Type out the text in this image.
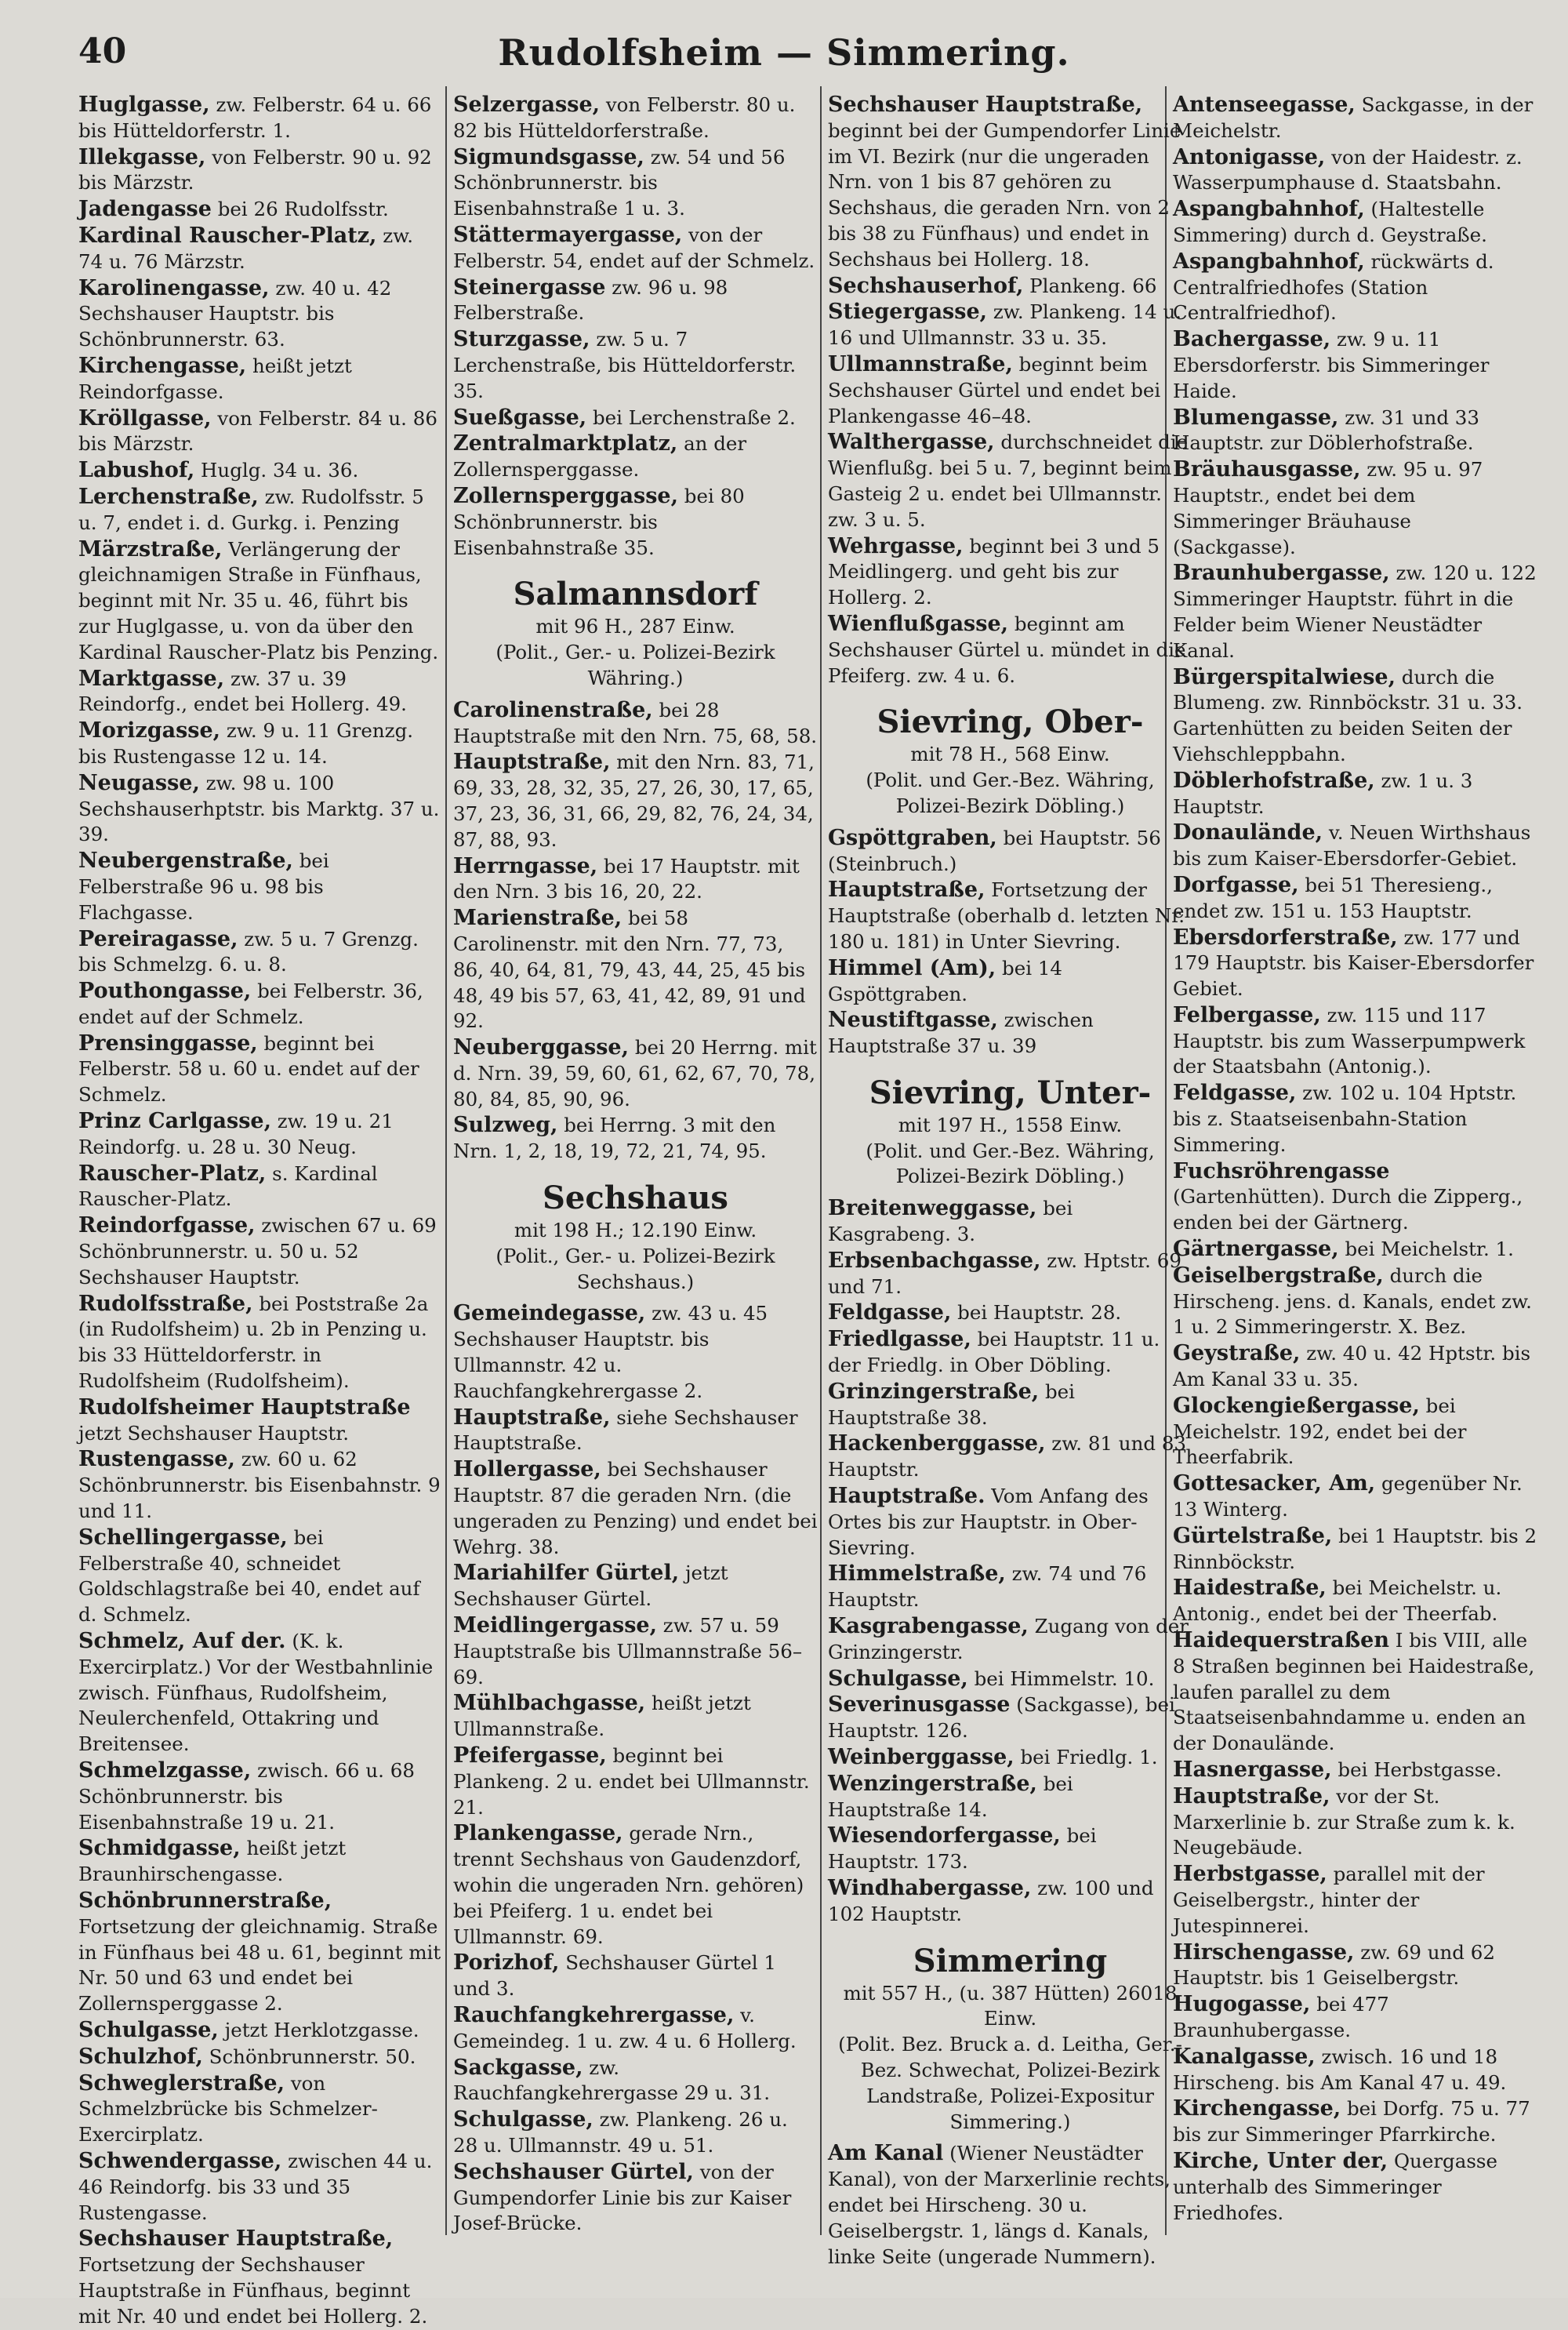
40	Rudolfsheim — Simmering.

Huglgasse, zw. Felberstr. 64 u. 66 bis Hütteldorferstr. 1.

Illekgasse, von Felberstr. 90 u. 92 bis Märzstr.

Jadengasse bei 26 Rudolfsstr.

Kardinal Rauscher-Platz, zw. 74 u. 76 Märzstr.

Karolinengasse, zw. 40 u. 42 Sechshauser Hauptstr. bis Schönbrunnerstr. 63.

Kirchengasse, heißt jetzt Reindorfgasse.

Kröllgasse, von Felberstr. 84 u. 86 bis Märzstr.

Labushof, Huglg. 34 u. 36.

Lerchenstraße, zw. Rudolfsstr. 5 u. 7, endet i. d. Gurkg. i. Penzing

Märzstraße, Verlängerung der gleichnamigen Straße in Fünfhaus, beginnt mit Nr. 35 u. 46, führt bis zur Huglgasse, u. von da über den Kardinal Rauscher-Platz bis Penzing.

Marktgasse, zw. 37 u. 39 Reindorfg., endet bei Hollerg. 49.

Morizgasse, zw. 9 u. 11 Grenzg. bis Rustengasse 12 u. 14.

Neugasse, zw. 98 u. 100 Sechshauserhptstr. bis Marktg. 37 u. 39.

Neubergenstraße, bei Felberstraße 96 u. 98 bis Flachgasse.

Pereiragasse, zw. 5 u. 7 Grenzg. bis Schmelzg. 6. u. 8.

Pouthongasse, bei Felberstr. 36, endet auf der Schmelz.

Prensinggasse, beginnt bei Felberstr. 58 u. 60 u. endet auf der Schmelz.

Prinz Carlgasse, zw. 19 u. 21 Reindorfg. u. 28 u. 30 Neug.

Rauscher-Platz, s. Kardinal Rauscher-Platz.

Reindorfgasse, zwischen 67 u. 69 Schönbrunnerstr. u. 50 u. 52 Sechshauser Hauptstr.

Rudolfsstraße, bei Poststraße 2a (in Rudolfsheim) u. 2b in Penzing u. bis 33 Hütteldorferstr. in Rudolfsheim (Rudolfsheim).

Rudolfsheimer Hauptstraße jetzt Sechshauser Hauptstr.

Rustengasse, zw. 60 u. 62 Schönbrunnerstr. bis Eisenbahnstr. 9 und 11.

Schellingergasse, bei Felberstraße 40, schneidet Goldschlagstraße bei 40, endet auf d. Schmelz.

Schmelz, Auf der. (K. k. Exercirplatz.) Vor der Westbahnlinie zwisch. Fünfhaus, Rudolfsheim, Neulerchenfeld, Ottakring und Breitensee.

Schmelzgasse, zwisch. 66 u. 68 Schönbrunnerstr. bis Eisenbahnstraße 19 u. 21.

Schmidgasse, heißt jetzt Braunhirschengasse.

Schönbrunnerstraße, Fortsetzung der gleichnamig. Straße in Fünfhaus bei 48 u. 61, beginnt mit Nr. 50 und 63 und endet bei Zollernsperggasse 2.

Schulgasse, jetzt Herklotzgasse.

Schulzhof, Schönbrunnerstr. 50.

Schweglerstraße, von Schmelzbrücke bis Schmelzer-Exercirplatz.

Schwendergasse, zwischen 44 u. 46 Reindorfg. bis 33 und 35 Rustengasse.

Sechshauser Hauptstraße, Fortsetzung der Sechshauser Hauptstraße in Fünfhaus, beginnt mit Nr. 40 und endet bei Hollerg. 2.

Selzergasse, von Felberstr. 80 u. 82 bis Hütteldorferstraße.

Sigmundsgasse, zw. 54 und 56 Schönbrunnerstr. bis Eisenbahnstraße 1 u. 3.

Stättermayergasse, von der Felberstr. 54, endet auf der Schmelz.

Steinergasse zw. 96 u. 98 Felberstraße.

Sturzgasse, zw. 5 u. 7 Lerchenstraße, bis Hütteldorferstr. 35.

Sueßgasse, bei Lerchenstraße 2.

Zentralmarktplatz, an der Zollernsperggasse.

Zollernsperggasse, bei 80 Schönbrunnerstr. bis Eisenbahnstraße 35.

Salmannsdorf
mit 96 H., 287 Einw.
(Polit., Ger.- u. Polizei-Bezirk Währing.)

Carolinenstraße, bei 28 Hauptstraße mit den Nrn. 75, 68, 58.

Hauptstraße, mit den Nrn. 83, 71, 69, 33, 28, 32, 35, 27, 26, 30, 17, 65, 37, 23, 36, 31, 66, 29, 82, 76, 24, 34, 87, 88, 93.

Herrngasse, bei 17 Hauptstr. mit den Nrn. 3 bis 16, 20, 22.

Marienstraße, bei 58 Carolinenstr. mit den Nrn. 77, 73, 86, 40, 64, 81, 79, 43, 44, 25, 45 bis 48, 49 bis 57, 63, 41, 42, 89, 91 und 92.

Neuberggasse, bei 20 Herrng. mit d. Nrn. 39, 59, 60, 61, 62, 67, 70, 78, 80, 84, 85, 90, 96.

Sulzweg, bei Herrng. 3 mit den Nrn. 1, 2, 18, 19, 72, 21, 74, 95.

Sechshaus
mit 198 H.; 12.190 Einw.
(Polit., Ger.- u. Polizei-Bezirk Sechshaus.)

Gemeindegasse, zw. 43 u. 45 Sechshauser Hauptstr. bis Ullmannstr. 42 u. Rauchfangkehrergasse 2.

Hauptstraße, siehe Sechshauser Hauptstraße.

Hollergasse, bei Sechshauser Hauptstr. 87 die geraden Nrn. (die ungeraden zu Penzing) und endet bei Wehrg. 38.

Mariahilfer Gürtel, jetzt Sechshauser Gürtel.

Meidlingergasse, zw. 57 u. 59 Hauptstraße bis Ullmannstraße 56–69.

Mühlbachgasse, heißt jetzt Ullmannstraße.

Pfeifergasse, beginnt bei Plankeng. 2 u. endet bei Ullmannstr. 21.

Plankengasse, gerade Nrn., trennt Sechshaus von Gaudenzdorf, wohin die ungeraden Nrn. gehören) bei Pfeiferg. 1 u. endet bei Ullmannstr. 69.

Porizhof, Sechshauser Gürtel 1 und 3.

Rauchfangkehrergasse, v. Gemeindeg. 1 u. zw. 4 u. 6 Hollerg.

Sackgasse, zw. Rauchfangkehrergasse 29 u. 31.

Schulgasse, zw. Plankeng. 26 u. 28 u. Ullmannstr. 49 u. 51.

Sechshauser Gürtel, von der Gumpendorfer Linie bis zur Kaiser Josef-Brücke.

Sechshauser Hauptstraße, beginnt bei der Gumpendorfer Linie im VI. Bezirk (nur die ungeraden Nrn. von 1 bis 87 gehören zu Sechshaus, die geraden Nrn. von 2 bis 38 zu Fünfhaus) und endet in Sechshaus bei Hollerg. 18.

Sechshauserhof, Plankeng. 66

Stiegergasse, zw. Plankeng. 14 u. 16 und Ullmannstr. 33 u. 35.

Ullmannstraße, beginnt beim Sechshauser Gürtel und endet bei Plankengasse 46–48.

Walthergasse, durchschneidet die Wienflußg. bei 5 u. 7, beginnt beim Gasteig 2 u. endet bei Ullmannstr. zw. 3 u. 5.

Wehrgasse, beginnt bei 3 und 5 Meidlingerg. und geht bis zur Hollerg. 2.

Wienflußgasse, beginnt am Sechshauser Gürtel u. mündet in die Pfeiferg. zw. 4 u. 6.

Sievring, Ober-
mit 78 H., 568 Einw.
(Polit. und Ger.-Bez. Währing, Polizei-Bezirk Döbling.)

Gspöttgraben, bei Hauptstr. 56 (Steinbruch.)

Hauptstraße, Fortsetzung der Hauptstraße (oberhalb d. letzten Nr. 180 u. 181) in Unter Sievring.

Himmel (Am), bei 14 Gspöttgraben.

Neustiftgasse, zwischen Hauptstraße 37 u. 39

Sievring, Unter-
mit 197 H., 1558 Einw.
(Polit. und Ger.-Bez. Währing, Polizei-Bezirk Döbling.)

Breitenweggasse, bei Kasgrabeng. 3.

Erbsenbachgasse, zw. Hptstr. 69 und 71.

Feldgasse, bei Hauptstr. 28.

Friedlgasse, bei Hauptstr. 11 u. der Friedlg. in Ober Döbling.

Grinzingerstraße, bei Hauptstraße 38.

Hackenberggasse, zw. 81 und 83 Hauptstr.

Hauptstraße. Vom Anfang des Ortes bis zur Hauptstr. in Ober-Sievring.

Himmelstraße, zw. 74 und 76 Hauptstr.

Kasgrabengasse, Zugang von der Grinzingerstr.

Schulgasse, bei Himmelstr. 10.

Severinusgasse (Sackgasse), bei Hauptstr. 126.

Weinberggasse, bei Friedlg. 1.

Wenzingerstraße, bei Hauptstraße 14.

Wiesendorfergasse, bei Hauptstr. 173.

Windhabergasse, zw. 100 und 102 Hauptstr.

Simmering
mit 557 H., (u. 387 Hütten) 26018 Einw.
(Polit. Bez. Bruck a. d. Leitha, Ger.-Bez. Schwechat, Polizei-Bezirk Landstraße, Polizei-Expositur Simmering.)

Am Kanal (Wiener Neustädter Kanal), von der Marxerlinie rechts, endet bei Hirscheng. 30 u. Geiselbergstr. 1, längs d. Kanals, linke Seite (ungerade Nummern).

Antenseegasse, Sackgasse, in der Meichelstr.

Antonigasse, von der Haidestr. z. Wasserpumphause d. Staatsbahn.

Aspangbahnhof, (Haltestelle Simmering) durch d. Geystraße.

Aspangbahnhof, rückwärts d. Centralfriedhofes (Station Centralfriedhof).

Bachergasse, zw. 9 u. 11 Ebersdorferstr. bis Simmeringer Haide.

Blumengasse, zw. 31 und 33 Hauptstr. zur Döblerhofstraße.

Bräuhausgasse, zw. 95 u. 97 Hauptstr., endet bei dem Simmeringer Bräuhause (Sackgasse).

Braunhubergasse, zw. 120 u. 122 Simmeringer Hauptstr. führt in die Felder beim Wiener Neustädter Kanal.

Bürgerspitalwiese, durch die Blumeng. zw. Rinnböckstr. 31 u. 33. Gartenhütten zu beiden Seiten der Viehschleppbahn.

Döblerhofstraße, zw. 1 u. 3 Hauptstr.

Donaulände, v. Neuen Wirthshaus bis zum Kaiser-Ebersdorfer-Gebiet.

Dorfgasse, bei 51 Theresieng., endet zw. 151 u. 153 Hauptstr.

Ebersdorferstraße, zw. 177 und 179 Hauptstr. bis Kaiser-Ebersdorfer Gebiet.

Felbergasse, zw. 115 und 117 Hauptstr. bis zum Wasserpumpwerk der Staatsbahn (Antonig.).

Feldgasse, zw. 102 u. 104 Hptstr. bis z. Staatseisenbahn-Station Simmering.

Fuchsröhrengasse (Gartenhütten). Durch die Zipperg., enden bei der Gärtnerg.

Gärtnergasse, bei Meichelstr. 1.

Geiselbergstraße, durch die Hirscheng. jens. d. Kanals, endet zw. 1 u. 2 Simmeringerstr. X. Bez.

Geystraße, zw. 40 u. 42 Hptstr. bis Am Kanal 33 u. 35.

Glockengießergasse, bei Meichelstr. 192, endet bei der Theerfabrik.

Gottesacker, Am, gegenüber Nr. 13 Winterg.

Gürtelstraße, bei 1 Hauptstr. bis 2 Rinnböckstr.

Haidestraße, bei Meichelstr. u. Antonig., endet bei der Theerfab.

Haidequerstraßen I bis VIII, alle 8 Straßen beginnen bei Haidestraße, laufen parallel zu dem Staatseisenbahndamme u. enden an der Donaulände.

Hasnergasse, bei Herbstgasse.

Hauptstraße, vor der St. Marxerlinie b. zur Straße zum k. k. Neugebäude.

Herbstgasse, parallel mit der Geiselbergstr., hinter der Jutespinnerei.

Hirschengasse, zw. 69 und 62 Hauptstr. bis 1 Geiselbergstr.

Hugogasse, bei 477 Braunhubergasse.

Kanalgasse, zwisch. 16 und 18 Hirscheng. bis Am Kanal 47 u. 49.

Kirchengasse, bei Dorfg. 75 u. 77 bis zur Simmeringer Pfarrkirche.

Kirche, Unter der, Quergasse unterhalb des Simmeringer Friedhofes.
